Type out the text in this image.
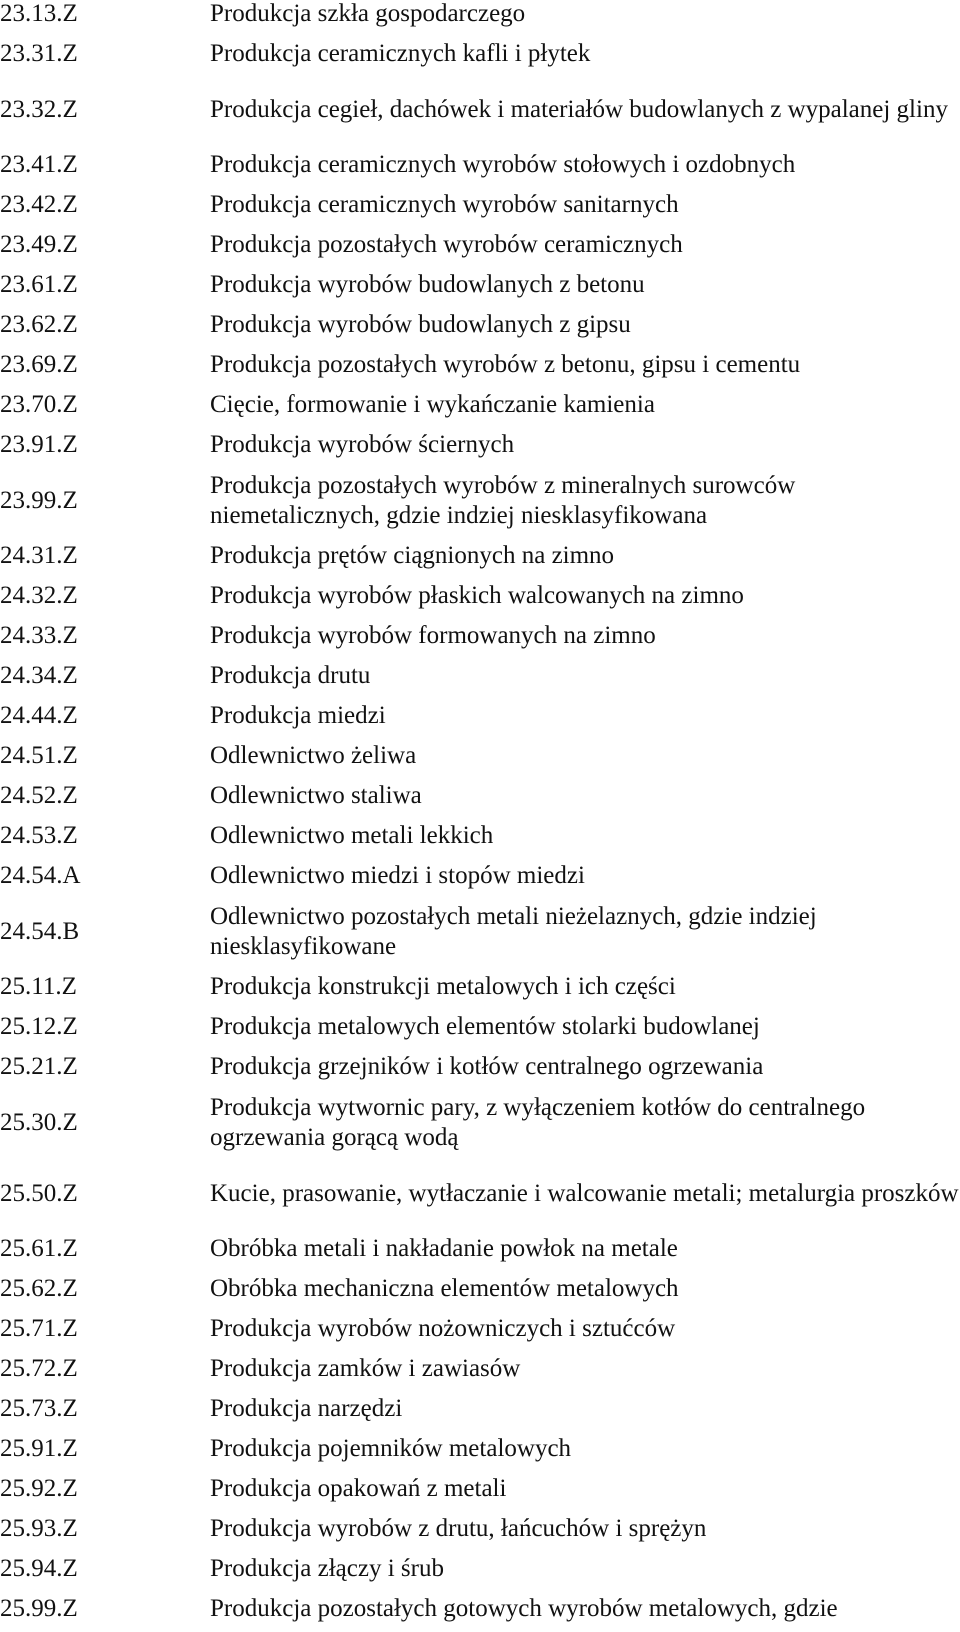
23.13.Z	Produkcja szkła gospodarczego
23.31.Z	Produkcja ceramicznych kafli i płytek
23.32.Z	Produkcja cegieł, dachówek i materiałów budowlanych z wypalanej gliny
23.41.Z	Produkcja ceramicznych wyrobów stołowych i ozdobnych
23.42.Z	Produkcja ceramicznych wyrobów sanitarnych
23.49.Z	Produkcja pozostałych wyrobów ceramicznych
23.61.Z	Produkcja wyrobów budowlanych z betonu
23.62.Z	Produkcja wyrobów budowlanych z gipsu
23.69.Z	Produkcja pozostałych wyrobów z betonu, gipsu i cementu
23.70.Z	Cięcie, formowanie i wykańczanie kamienia
23.91.Z	Produkcja wyrobów ściernych
23.99.Z	Produkcja pozostałych wyrobów z mineralnych surowców niemetalicznych, gdzie indziej niesklasyfikowana
24.31.Z	Produkcja prętów ciągnionych na zimno
24.32.Z	Produkcja wyrobów płaskich walcowanych na zimno
24.33.Z	Produkcja wyrobów formowanych na zimno
24.34.Z	Produkcja drutu
24.44.Z	Produkcja miedzi
24.51.Z	Odlewnictwo żeliwa
24.52.Z	Odlewnictwo staliwa
24.53.Z	Odlewnictwo metali lekkich
24.54.A	Odlewnictwo miedzi i stopów miedzi
24.54.B	Odlewnictwo pozostałych metali nieżelaznych, gdzie indziej niesklasyfikowane
25.11.Z	Produkcja konstrukcji metalowych i ich części
25.12.Z	Produkcja metalowych elementów stolarki budowlanej
25.21.Z	Produkcja grzejników i kotłów centralnego ogrzewania
25.30.Z	Produkcja wytwornic pary, z wyłączeniem kotłów do centralnego ogrzewania gorącą wodą
25.50.Z	Kucie, prasowanie, wytłaczanie i walcowanie metali; metalurgia proszków
25.61.Z	Obróbka metali i nakładanie powłok na metale
25.62.Z	Obróbka mechaniczna elementów metalowych
25.71.Z	Produkcja wyrobów nożowniczych i sztućców
25.72.Z	Produkcja zamków i zawiasów
25.73.Z	Produkcja narzędzi
25.91.Z	Produkcja pojemników metalowych
25.92.Z	Produkcja opakowań z metali
25.93.Z	Produkcja wyrobów z drutu, łańcuchów i sprężyn
25.94.Z	Produkcja złączy i śrub
25.99.Z	Produkcja pozostałych gotowych wyrobów metalowych, gdzie
